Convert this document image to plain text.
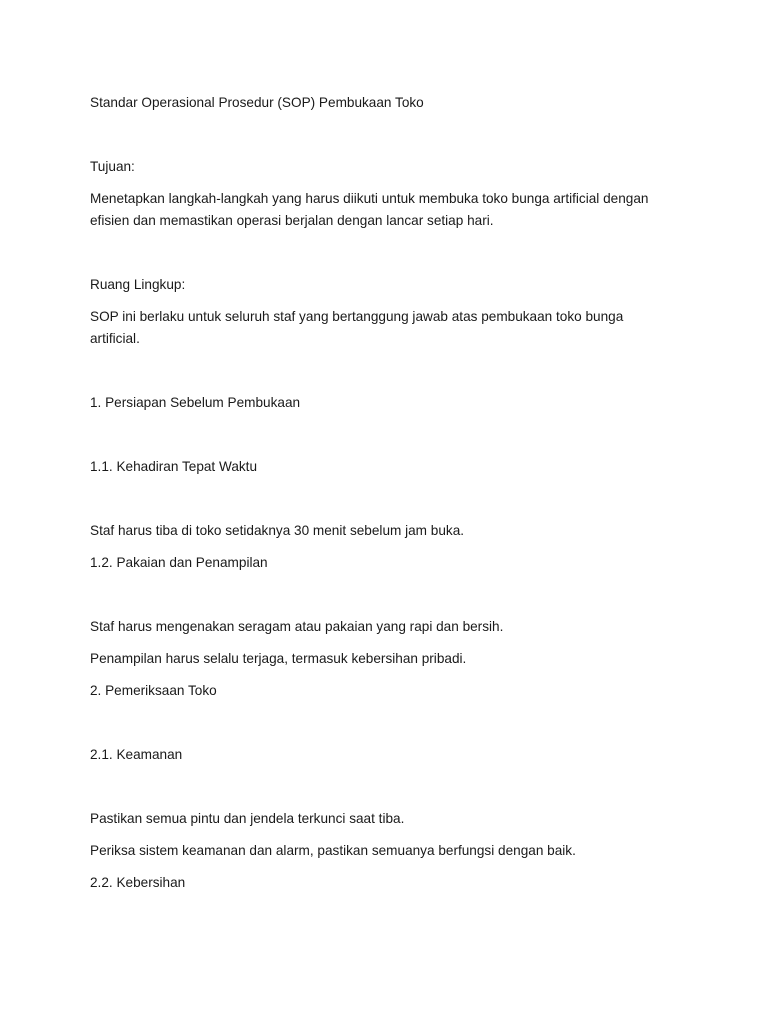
Standar Operasional Prosedur (SOP) Pembukaan Toko
Tujuan:
Menetapkan langkah-langkah yang harus diikuti untuk membuka toko bunga artificial dengan
efisien dan memastikan operasi berjalan dengan lancar setiap hari.
Ruang Lingkup:
SOP ini berlaku untuk seluruh staf yang bertanggung jawab atas pembukaan toko bunga
artificial.
1. Persiapan Sebelum Pembukaan
1.1. Kehadiran Tepat Waktu
Staf harus tiba di toko setidaknya 30 menit sebelum jam buka.
1.2. Pakaian dan Penampilan
Staf harus mengenakan seragam atau pakaian yang rapi dan bersih.
Penampilan harus selalu terjaga, termasuk kebersihan pribadi.
2. Pemeriksaan Toko
2.1. Keamanan
Pastikan semua pintu dan jendela terkunci saat tiba.
Periksa sistem keamanan dan alarm, pastikan semuanya berfungsi dengan baik.
2.2. Kebersihan
